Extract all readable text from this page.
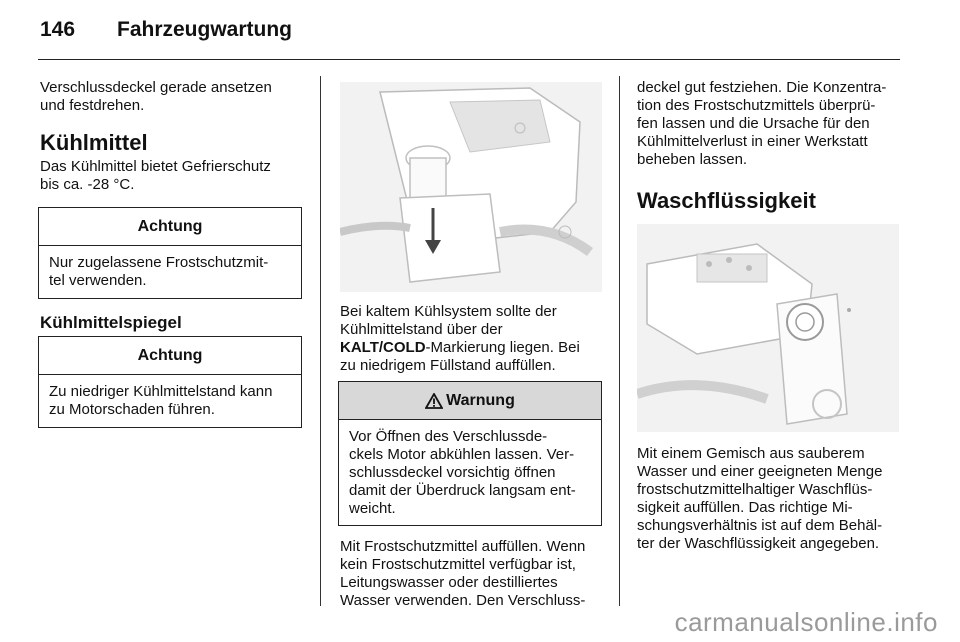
146 Fahrzeugwartung

Verschlussdeckel gerade ansetzen

und festdrehen.

Kühlmittel

Das Kühlmittel bietet Gefrierschutz

bis ca. -28 °C.

Achtung
Nur zugelassene Frostschutzmit-
tel verwenden.
Kühlmittelspiegel
Achtung
Zu niedriger Kühlmittelstand kann
zu Motorschaden führen.

Bei kaltem Kühlsystem sollte der

Kühlmittelstand über der

KALT/COLD-Markierung liegen. Bei

zu niedrigem Füllstand auffüllen.

Warnung
Vor Öffnen des Verschlussde-
ckels Motor abkühlen lassen. Ver-
schlussdeckel vorsichtig öffnen
damit der Überdruck langsam ent-
weicht.

Mit Frostschutzmittel auffüllen. Wenn

kein Frostschutzmittel verfügbar ist,

Leitungswasser oder destilliertes

Wasser verwenden. Den Verschluss-

deckel gut festziehen. Die Konzentra-

tion des Frostschutzmittels überprü-

fen lassen und die Ursache für den

Kühlmittelverlust in einer Werkstatt

beheben lassen.

Waschflüssigkeit

Mit einem Gemisch aus sauberem

Wasser und einer geeigneten Menge

frostschutzmittelhaltiger Waschflüs-

sigkeit auffüllen. Das richtige Mi-

schungsverhältnis ist auf dem Behäl-

ter der Waschflüssigkeit angegeben.

carmanualsonline.info
